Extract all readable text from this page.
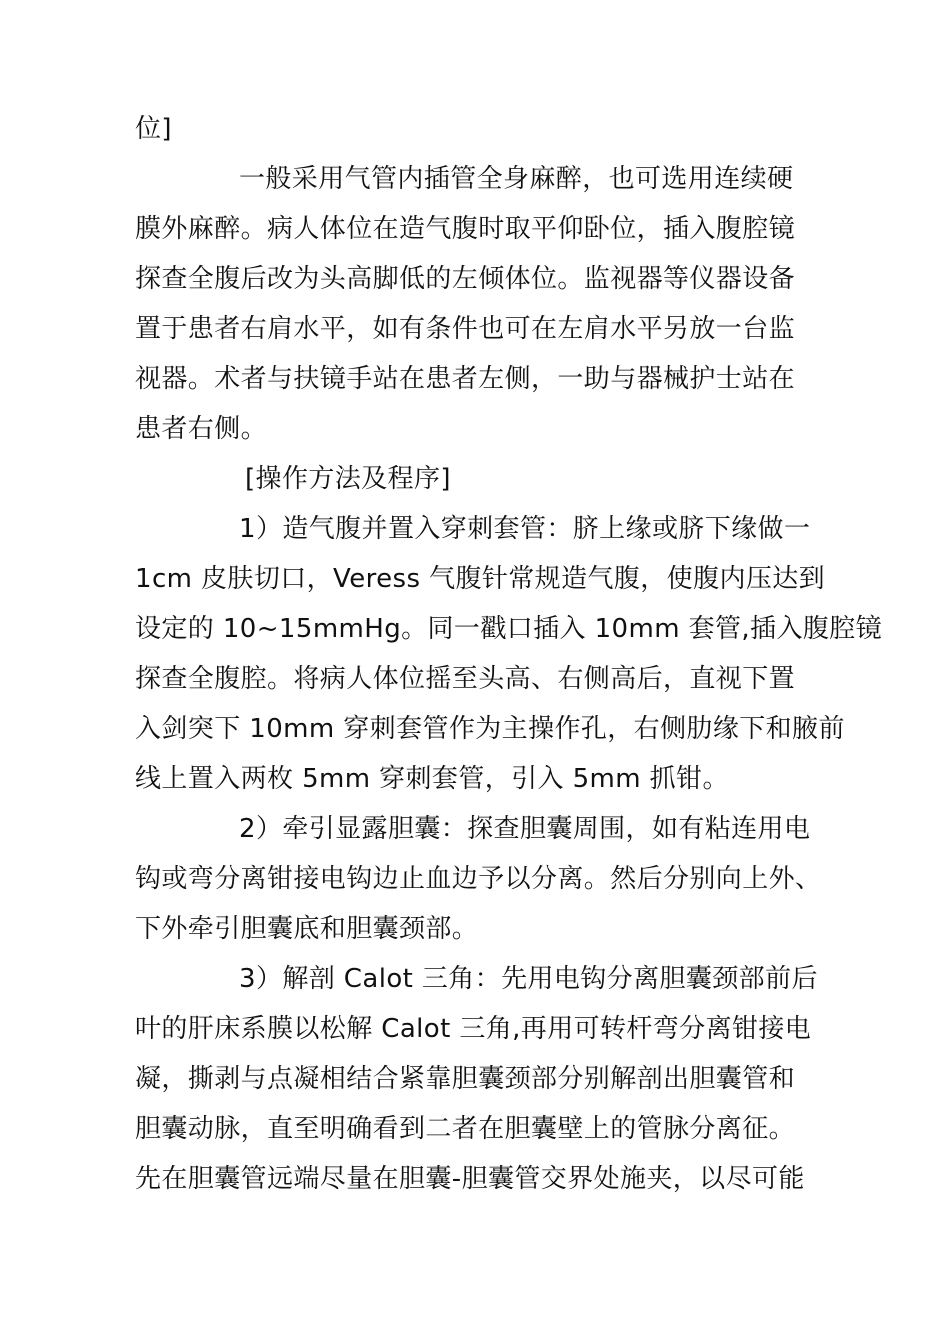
位]
一般采用气管内插管全身麻醉，也可选用连续硬
膜外麻醉。病人体位在造气腹时取平仰卧位，插入腹腔镜
探查全腹后改为头高脚低的左倾体位。监视器等仪器设备
置于患者右肩水平，如有条件也可在左肩水平另放一台监
视器。术者与扶镜手站在患者左侧，一助与器械护士站在
患者右侧。
[操作方法及程序]
1）造气腹并置入穿刺套管：脐上缘或脐下缘做一
1cm 皮肤切口，Veress 气腹针常规造气腹，使腹内压达到
设定的 10~15mmHg。同一戳口插入 10mm 套管,插入腹腔镜
探查全腹腔。将病人体位摇至头高、右侧高后，直视下置
入剑突下 10mm 穿刺套管作为主操作孔，右侧肋缘下和腋前
线上置入两枚 5mm 穿刺套管，引入 5mm 抓钳。
2）牵引显露胆囊：探查胆囊周围，如有粘连用电
钩或弯分离钳接电钩边止血边予以分离。然后分别向上外、
下外牵引胆囊底和胆囊颈部。
3）解剖 Calot 三角：先用电钩分离胆囊颈部前后
叶的肝床系膜以松解 Calot 三角,再用可转杆弯分离钳接电
凝，撕剥与点凝相结合紧靠胆囊颈部分别解剖出胆囊管和
胆囊动脉，直至明确看到二者在胆囊壁上的管脉分离征。
先在胆囊管远端尽量在胆囊-胆囊管交界处施夹，以尽可能
